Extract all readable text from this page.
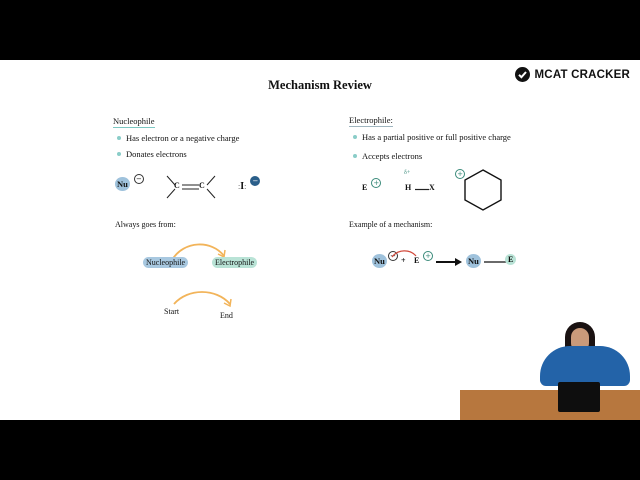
Mechanism Review
MCAT CRACKER
Nucleophile
Has electron or a negative charge
Donates electrons
Nu −
C C	:I: −
Always goes from:
Nucleophile	Electrophile
Start	End
Electrophile:
Has a partial positive or full positive charge
Accepts electrons
E +
δ+
H X
+
Example of a mechanism:
Nu − + E + → Nu	E
